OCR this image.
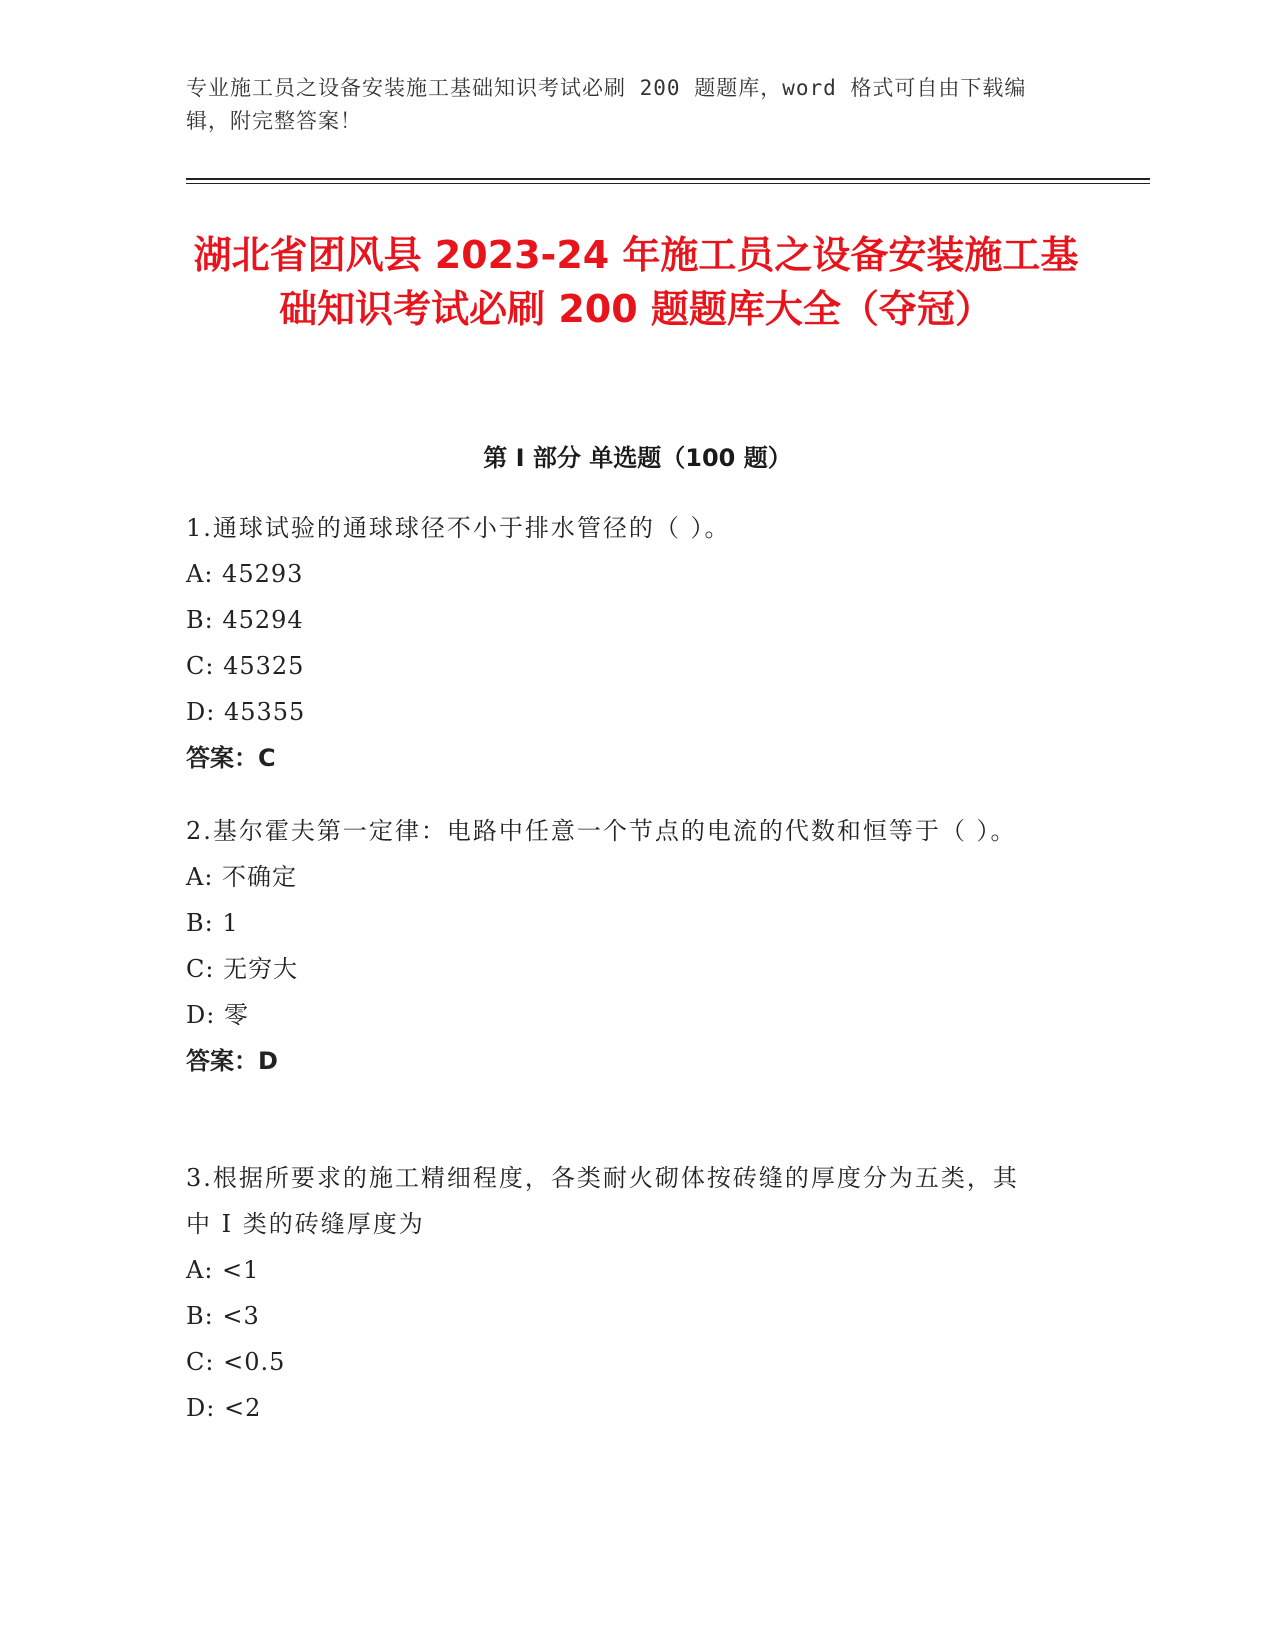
专业施工员之设备安装施工基础知识考试必刷 200 题题库，word 格式可自由下载编辑，附完整答案！
湖北省团风县 2023-24 年施工员之设备安装施工基础知识考试必刷 200 题题库大全（夺冠）
第 I 部分 单选题（100 题）
1.通球试验的通球球径不小于排水管径的（ ）。
A: 45293
B: 45294
C: 45325
D: 45355
答案：C
2.基尔霍夫第一定律：电路中任意一个节点的电流的代数和恒等于（ ）。
A: 不确定
B: 1
C: 无穷大
D: 零
答案：D
3.根据所要求的施工精细程度，各类耐火砌体按砖缝的厚度分为五类，其中 I 类的砖缝厚度为
A: <1
B: <3
C: <0.5
D: <2
